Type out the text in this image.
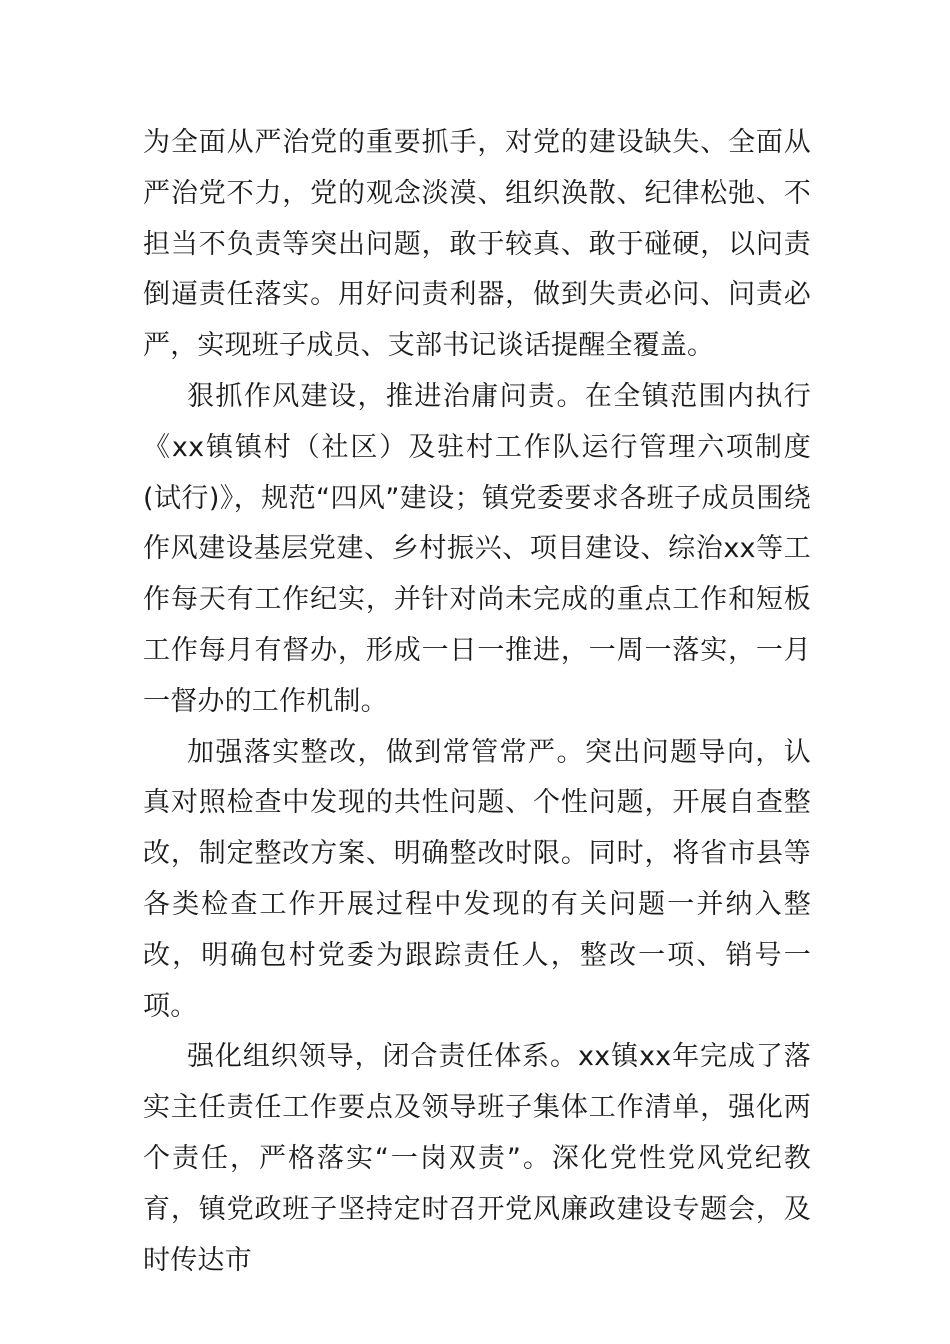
为全面从严治党的重要抓手，对党的建设缺失、全面从严治党不力，党的观念淡漠、组织涣散、纪律松弛、不担当不负责等突出问题，敢于较真、敢于碰硬，以问责倒逼责任落实。用好问责利器，做到失责必问、问责必严，实现班子成员、支部书记谈话提醒全覆盖。

狠抓作风建设，推进治庸问责。在全镇范围内执行《xx镇镇村（社区）及驻村工作队运行管理六项制度(试行)》，规范“四风”建设；镇党委要求各班子成员围绕作风建设基层党建、乡村振兴、项目建设、综治xx等工作每天有工作纪实，并针对尚未完成的重点工作和短板工作每月有督办，形成一日一推进，一周一落实，一月一督办的工作机制。

加强落实整改，做到常管常严。突出问题导向，认真对照检查中发现的共性问题、个性问题，开展自查整改，制定整改方案、明确整改时限。同时，将省市县等各类检查工作开展过程中发现的有关问题一并纳入整改，明确包村党委为跟踪责任人，整改一项、销号一项。

强化组织领导，闭合责任体系。xx镇xx年完成了落实主任责任工作要点及领导班子集体工作清单，强化两个责任，严格落实“一岗双责”。深化党性党风党纪教育，镇党政班子坚持定时召开党风廉政建设专题会，及时传达市
